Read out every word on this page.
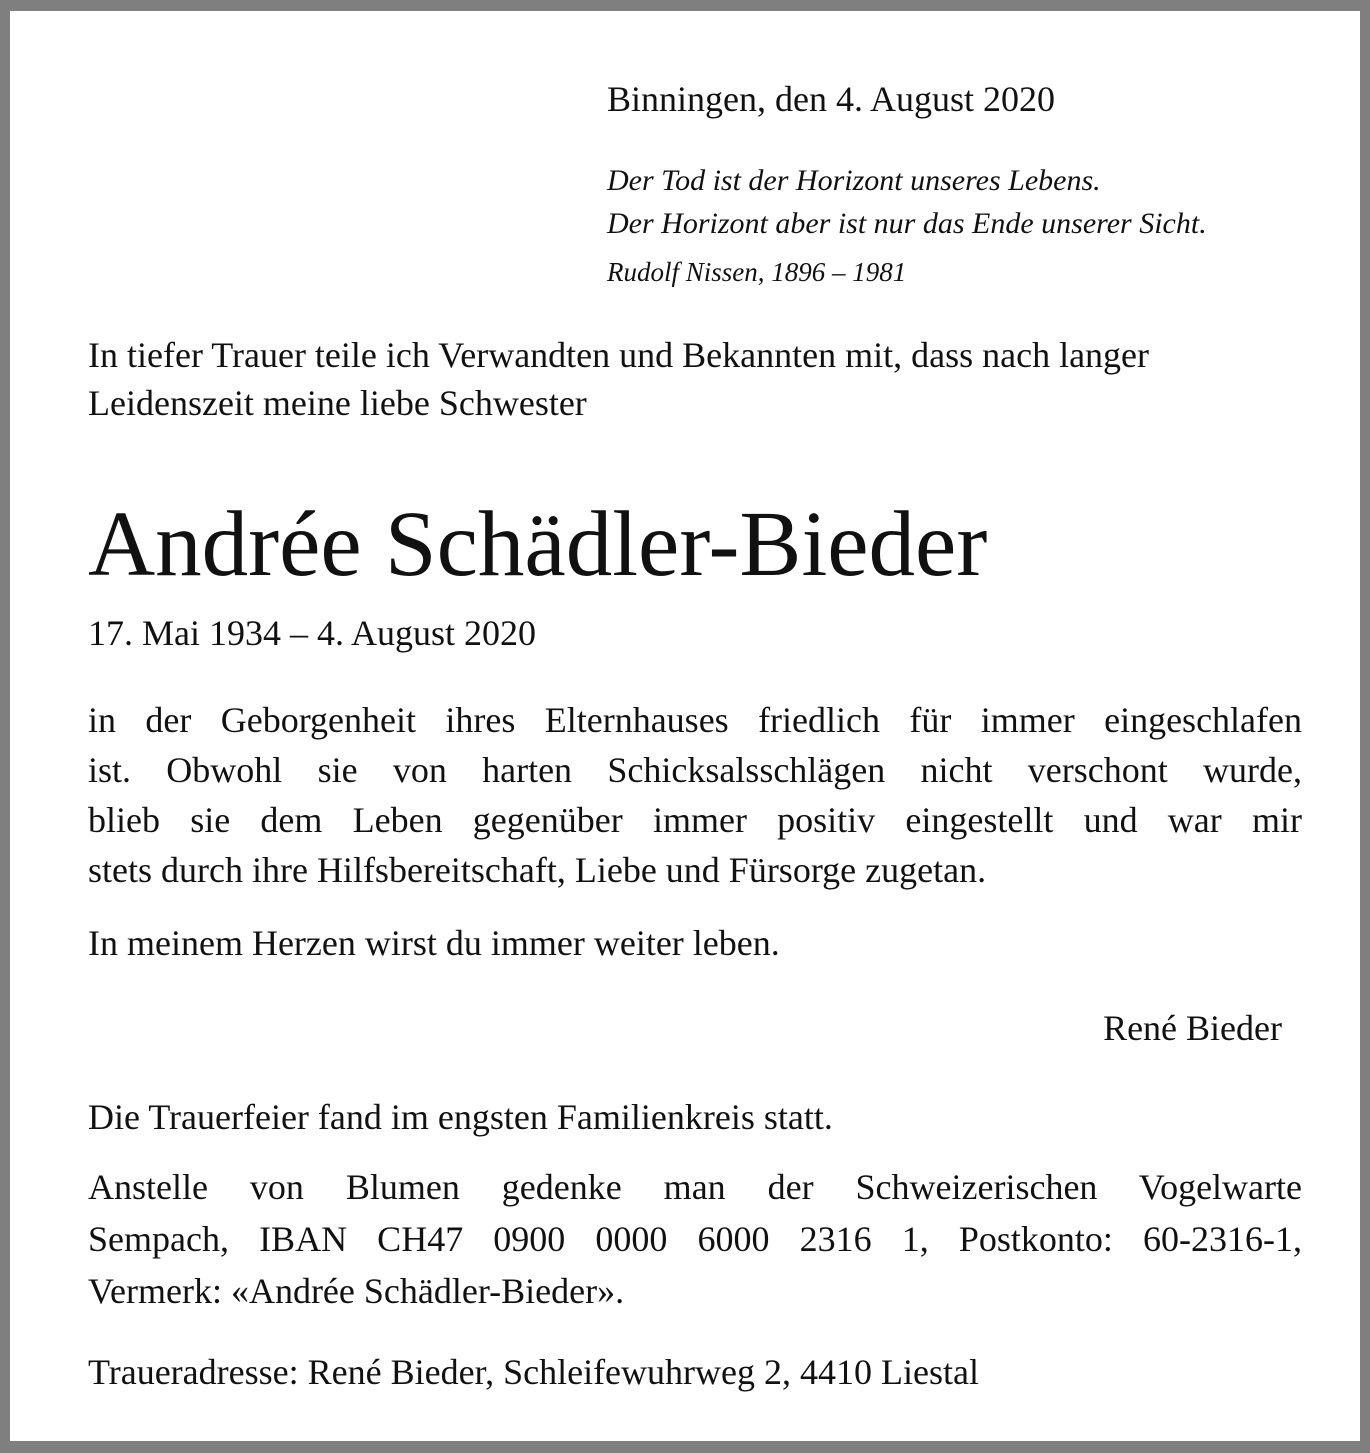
Binningen, den 4. August 2020

Der Tod ist der Horizont unseres Lebens.
Der Horizont aber ist nur das Ende unserer Sicht.

Rudolf Nissen, 1896 – 1981

In tiefer Trauer teile ich Verwandten und Bekannten mit, dass nach langer
Leidenszeit meine liebe Schwester
Andrée Schädler-Bieder

17. Mai 1934 – 4. August 2020

in der Geborgenheit ihres Elternhauses friedlich für immer eingeschlafen
ist. Obwohl sie von harten Schicksalsschlägen nicht verschont wurde,
blieb sie dem Leben gegenüber immer positiv eingestellt und war mir
stets durch ihre Hilfsbereitschaft, Liebe und Fürsorge zugetan.

In meinem Herzen wirst du immer weiter leben.

René Bieder

Die Trauerfeier fand im engsten Familienkreis statt.

Anstelle von Blumen gedenke man der Schweizerischen Vogelwarte
Sempach, IBAN CH47 0900 0000 6000 2316 1, Postkonto: 60-2316-1,
Vermerk: «Andrée Schädler-Bieder».

Traueradresse: René Bieder, Schleifewuhrweg 2, 4410 Liestal
